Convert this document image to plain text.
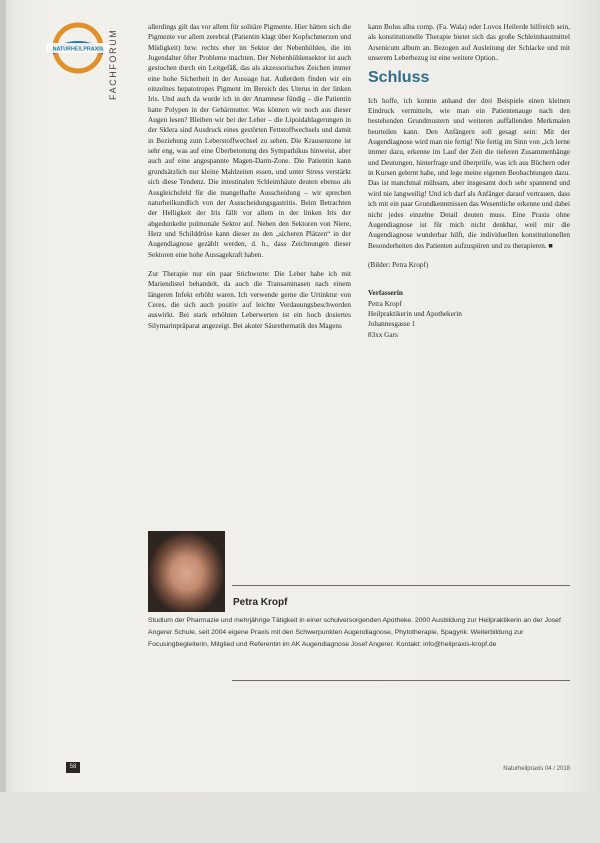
NATURHEILPRAXIS FACHFORUM

allerdings gilt das vor allem für solitäre Pigmente. Hier hätten sich die Pigmente vor allem zerebral (Patientin klagt über Kopfschmerzen und Müdigkeit) bzw. rechts eher im Sektor der Nebenhöhlen, die im Jugendalter öfter Probleme machten. Der Nebenhöhlensektor ist auch gestochen durch ein Leitgefäß, das als akzessorisches Zeichen immer eine hohe Sicherheit in der Aussage hat. Außerdem finden wir ein einzelnes hepatotropes Pigment im Bereich des Uterus in der linken Iris. Und auch da wurde ich in der Anamnese fündig – die Patientin hatte Polypen in der Gebärmutter. Was können wir noch aus dieser Augen lesen? Bleiben wir bei der Leber – die Lipoidablagerungen in der Sklera sind Ausdruck eines gestörten Fettstoffwechsels und damit in Beziehung zum Leberstoffwechsel zu sehen. Die Krausenzone ist sehr eng, was auf eine Überbetonung des Sympathikus hinweist, aber auch auf eine angespannte Magen-Darm-Zone. Die Patientin kann grundsätzlich nur kleine Mahlzeiten essen, und unter Stress verstärkt sich diese Tendenz. Die intestinalen Schleimhäute deuten ebenso als Ausgleichsfeld für die mangelhafte Ausscheidung – wir sprechen naturheilkundlich von der Ausscheidungsgastritis. Beim Betrachten der Helligkeit der Iris fällt vor allem in der linken Iris der abgedunkelte pulmonale Sektor auf. Neben den Sektoren von Niere, Herz und Schilddrüse kann dieser zu den „sicheren Plätzen“ in der Augendiagnose gezählt werden, d. h., dass Zeichnungen dieser Sektoren eine hohe Aussagekraft haben.

Zur Therapie nur ein paar Stichworte: Die Leber habe ich mit Mariendistel behandelt, da auch die Transaminasen nach einem längeren Infekt erhöht waren. Ich verwende gerne die Urtinktur von Ceres, die sich auch positiv auf leichte Verdauungsbeschwerden auswirkt. Bei stark erhöhten Leberwerten ist ein hoch dosiertes Silymarinpräparat angezeigt. Bei akuter Säurethematik des Magens

kann Bolus alba comp. (Fa. Wala) oder Luvos Heilerde hilfreich sein, als konstitutionelle Therapie bietet sich das große Schleimhautmittel Arsenicum album an. Bezogen auf Ausleitung der Schlacke und mit unserem Leberbezug ist eine weitere Option..

Schluss

Ich hoffe, ich konnte anhand der drei Beispiele einen kleinen Eindruck vermitteln, wie man ein Patientenauge nach den bestehenden Grundmustern und weiteren auffallenden Merkmalen beurteilen kann. Den Anfängern soll gesagt sein: Mit der Augendiagnose wird man nie fertig! Nie fertig im Sinn von „ich lerne immer dazu, erkenne im Lauf der Zeit die tieferen Zusammenhänge und Deutungen, hinterfrage und überprüfe, was ich aus Büchern oder in Kursen gelernt habe, und lege meine eigenen Beobachtungen dazu. Das ist manchmal mühsam, aber insgesamt doch sehr spannend und wird nie langweilig! Und ich darf als Anfänger darauf vertrauen, dass ich mit ein paar Grundkenntnissen das Wesentliche erkenne und dabei nicht jedes einzelne Detail deuten muss. Eine Praxis ohne Augendiagnose ist für mich nicht denkbar, weil mir die Augendiagnose wunderbar hilft, die individuellen konstitutionellen Besonderheiten des Patienten aufzuspüren und zu therapieren. ■

(Bilder: Petra Kropf)

Verfasserin
Petra Kropf
Heilpraktikerin und Apothekerin
Johannesgasse 1
83xx Gars
Petra Kropf
Studium der Pharmazie und mehrjährige Tätigkeit in einer schulversorgenden Apotheke. 2000 Ausbildung zur Heilpraktikerin an der Josef Angerer Schule, seit 2004 eigene Praxis mit den Schwerpunkten Augendiagnose, Phytotherapie, Spagyrik. Weiterbildung zur Focusingbegleiterin, Mitglied und Referentin im AK Augendiagnose Josef Angerer. Kontakt: info@heilpraxis-kropf.de
58	Naturheilpraxis 04 / 2018
